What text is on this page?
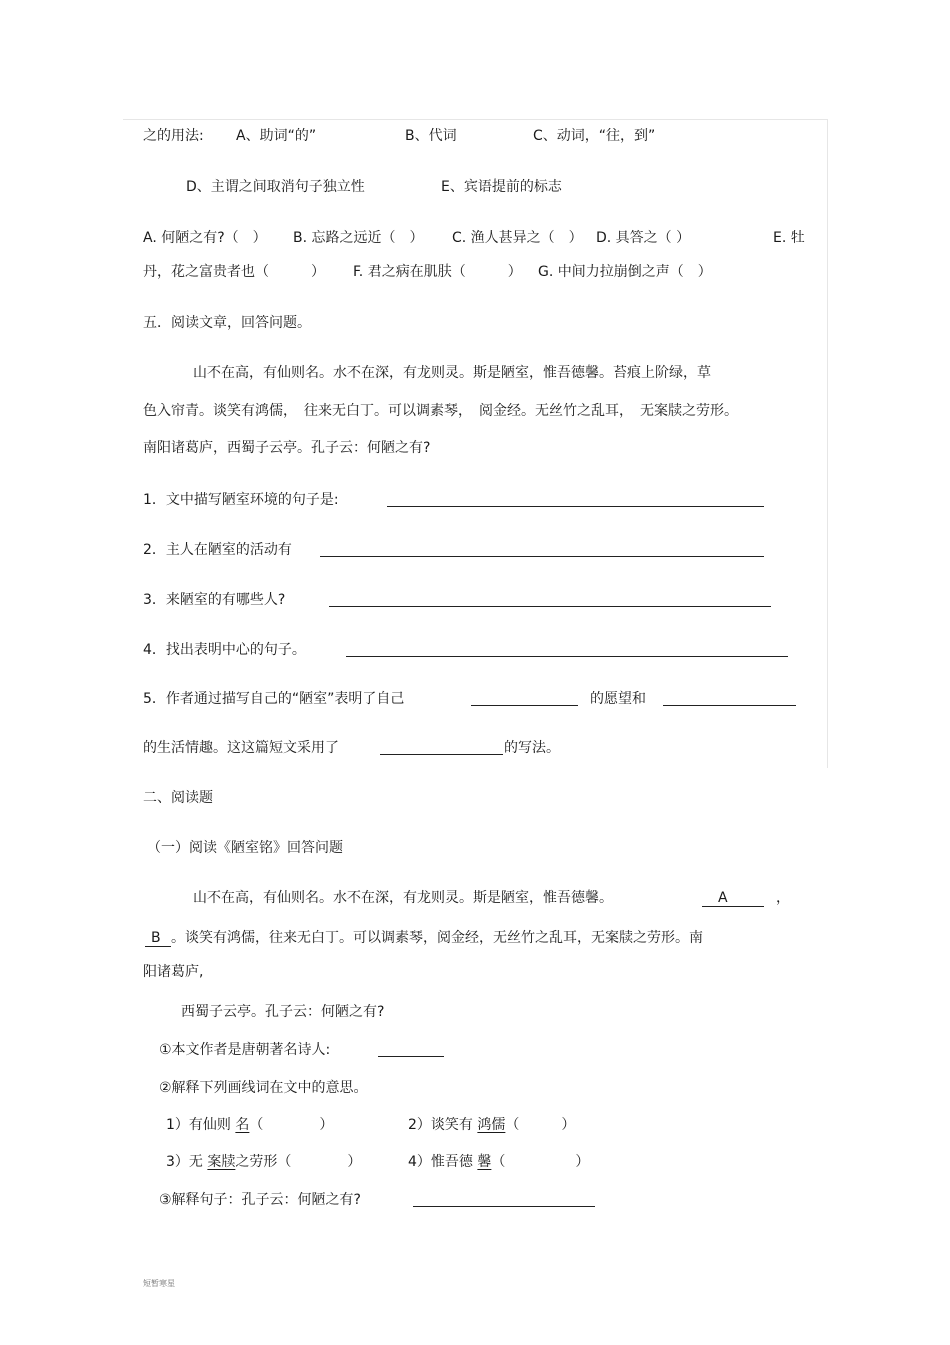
之的用法: A、助词“的”	B、代词	C、动词，“往，到”
D、主谓之间取消句子独立性	E、宾语提前的标志
A. 何陋之有?（　） B. 忘路之远近（　） C. 渔人甚异之（　） D. 具答之（ ）	E. 牡
丹，花之富贵者也（　　　） F. 君之病在肌肤（　　　） G. 中间力拉崩倒之声（　）
五．阅读文章，回答问题。
山不在高，有仙则名。水不在深，有龙则灵。斯是陋室，惟吾德馨。苔痕上阶绿，草
色入帘青。谈笑有鸿儒，　往来无白丁。可以调素琴，　阅金经。无丝竹之乱耳，　无案牍之劳形。
南阳诸葛庐，西蜀子云亭。孔子云：何陋之有?
1．文中描写陋室环境的句子是:
2．主人在陋室的活动有
3．来陋室的有哪些人?
4．找出表明中心的句子。
5．作者通过描写自己的“陋室”表明了自己	的愿望和
的生活情趣。这这篇短文采用了	的写法。
二、阅读题
（一）阅读《陋室铭》回答问题
山不在高，有仙则名。水不在深，有龙则灵。斯是陋室，惟吾德馨。	A	，
B 。谈笑有鸿儒，往来无白丁。可以调素琴，阅金经，无丝竹之乱耳，无案牍之劳形。南
阳诸葛庐,
西蜀子云亭。孔子云：何陋之有?
①本文作者是唐朝著名诗人:
②解释下列画线词在文中的意思。
1）有仙则 名（　　　　）	2）谈笑有 鸿儒（　　　）
3）无 案牍之劳形（　　　　）	4）惟吾德 馨（　　　　　）
③解释句子：孔子云：何陋之有?
短暂寒星
